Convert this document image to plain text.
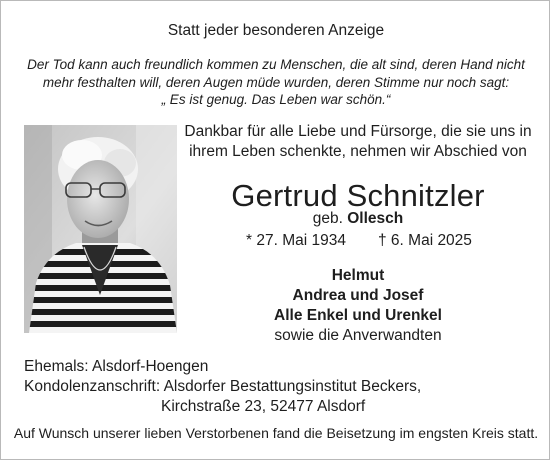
Statt jeder besonderen Anzeige
Der Tod kann auch freundlich kommen zu Menschen, die alt sind, deren Hand nicht
mehr festhalten will, deren Augen müde wurden, deren Stimme nur noch sagt:
„ Es ist genug. Das Leben war schön.“
Dankbar für alle Liebe und Fürsorge, die sie uns in
ihrem Leben schenkte, nehmen wir Abschied von
Gertrud Schnitzler
geb. Ollesch
* 27. Mai 1934 † 6. Mai 2025
Helmut
Andrea und Josef
Alle Enkel und Urenkel
sowie die Anverwandten
Ehemals: Alsdorf-Hoengen
Kondolenzanschrift: Alsdorfer Bestattungsinstitut Beckers,
Kirchstraße 23, 52477 Alsdorf
Auf Wunsch unserer lieben Verstorbenen fand die Beisetzung im engsten Kreis statt.
